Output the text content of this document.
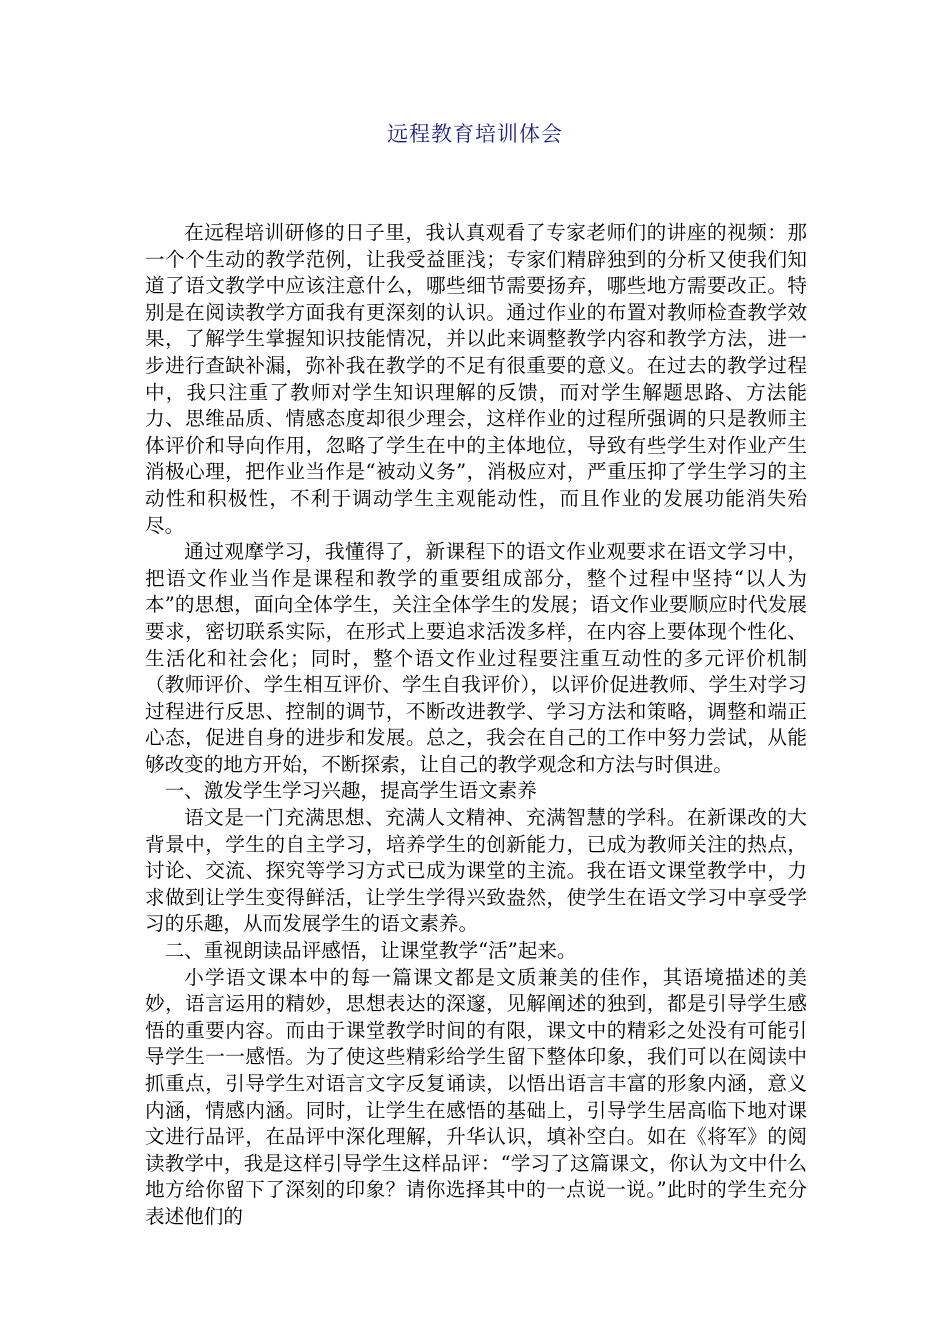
远程教育培训体会

在远程培训研修的日子里，我认真观看了专家老师们的讲座的视频：那一个个生动的教学范例，让我受益匪浅；专家们精辟独到的分析又使我们知道了语文教学中应该注意什么，哪些细节需要扬弃，哪些地方需要改正。特别是在阅读教学方面我有更深刻的认识。通过作业的布置对教师检查教学效果，了解学生掌握知识技能情况，并以此来调整教学内容和教学方法，进一步进行查缺补漏，弥补我在教学的不足有很重要的意义。在过去的教学过程中，我只注重了教师对学生知识理解的反馈，而对学生解题思路、方法能力、思维品质、情感态度却很少理会，这样作业的过程所强调的只是教师主体评价和导向作用，忽略了学生在中的主体地位，导致有些学生对作业产生消极心理，把作业当作是“被动义务”，消极应对，严重压抑了学生学习的主动性和积极性，不利于调动学生主观能动性，而且作业的发展功能消失殆尽。

通过观摩学习，我懂得了，新课程下的语文作业观要求在语文学习中，把语文作业当作是课程和教学的重要组成部分，整个过程中坚持“以人为本”的思想，面向全体学生，关注全体学生的发展；语文作业要顺应时代发展要求，密切联系实际，在形式上要追求活泼多样，在内容上要体现个性化、生活化和社会化；同时，整个语文作业过程要注重互动性的多元评价机制（教师评价、学生相互评价、学生自我评价），以评价促进教师、学生对学习过程进行反思、控制的调节，不断改进教学、学习方法和策略，调整和端正心态，促进自身的进步和发展。总之，我会在自己的工作中努力尝试，从能够改变的地方开始，不断探索，让自己的教学观念和方法与时俱进。

一、激发学生学习兴趣，提高学生语文素养

语文是一门充满思想、充满人文精神、充满智慧的学科。在新课改的大背景中，学生的自主学习，培养学生的创新能力，已成为教师关注的热点，讨论、交流、探究等学习方式已成为课堂的主流。我在语文课堂教学中，力求做到让学生变得鲜活，让学生学得兴致盎然，使学生在语文学习中享受学习的乐趣，从而发展学生的语文素养。

二、重视朗读品评感悟，让课堂教学“活”起来。

小学语文课本中的每一篇课文都是文质兼美的佳作，其语境描述的美妙，语言运用的精妙，思想表达的深邃，见解阐述的独到，都是引导学生感悟的重要内容。而由于课堂教学时间的有限，课文中的精彩之处没有可能引导学生一一感悟。为了使这些精彩给学生留下整体印象，我们可以在阅读中抓重点，引导学生对语言文字反复诵读，以悟出语言丰富的形象内涵，意义内涵，情感内涵。同时，让学生在感悟的基础上，引导学生居高临下地对课文进行品评，在品评中深化理解，升华认识，填补空白。如在《将军》的阅读教学中，我是这样引导学生这样品评：“学习了这篇课文，你认为文中什么地方给你留下了深刻的印象？请你选择其中的一点说一说。”此时的学生充分表述他们的
